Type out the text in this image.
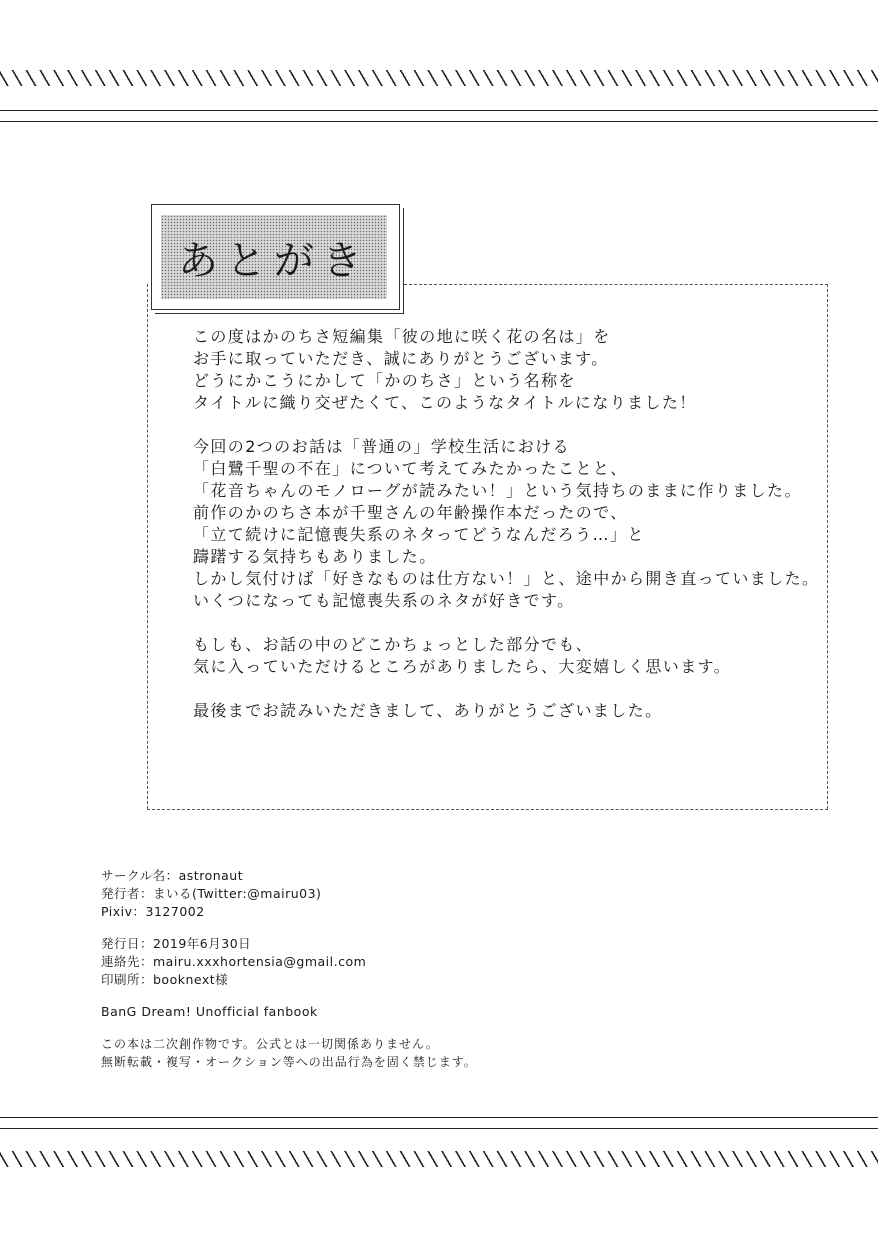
あとがき
この度はかのちさ短編集「彼の地に咲く花の名は」を
お手に取っていただき、誠にありがとうございます。
どうにかこうにかして「かのちさ」という名称を
タイトルに織り交ぜたくて、このようなタイトルになりました！
今回の2つのお話は「普通の」学校生活における
「白鷺千聖の不在」について考えてみたかったことと、
「花音ちゃんのモノローグが読みたい！」という気持ちのままに作りました。
前作のかのちさ本が千聖さんの年齢操作本だったので、
「立て続けに記憶喪失系のネタってどうなんだろう…」と
躊躇する気持ちもありました。
しかし気付けば「好きなものは仕方ない！」と、途中から開き直っていました。
いくつになっても記憶喪失系のネタが好きです。
もしも、お話の中のどこかちょっとした部分でも、
気に入っていただけるところがありましたら、大変嬉しく思います。
最後までお読みいただきまして、ありがとうございました。
サークル名：astronaut
発行者：まいる(Twitter:@mairu03)
Pixiv：3127002
発行日：2019年6月30日
連絡先：mairu.xxxhortensia@gmail.com
印刷所：booknext様
BanG Dream! Unofficial fanbook
この本は二次創作物です。公式とは一切関係ありません。
無断転載・複写・オークション等への出品行為を固く禁じます。
